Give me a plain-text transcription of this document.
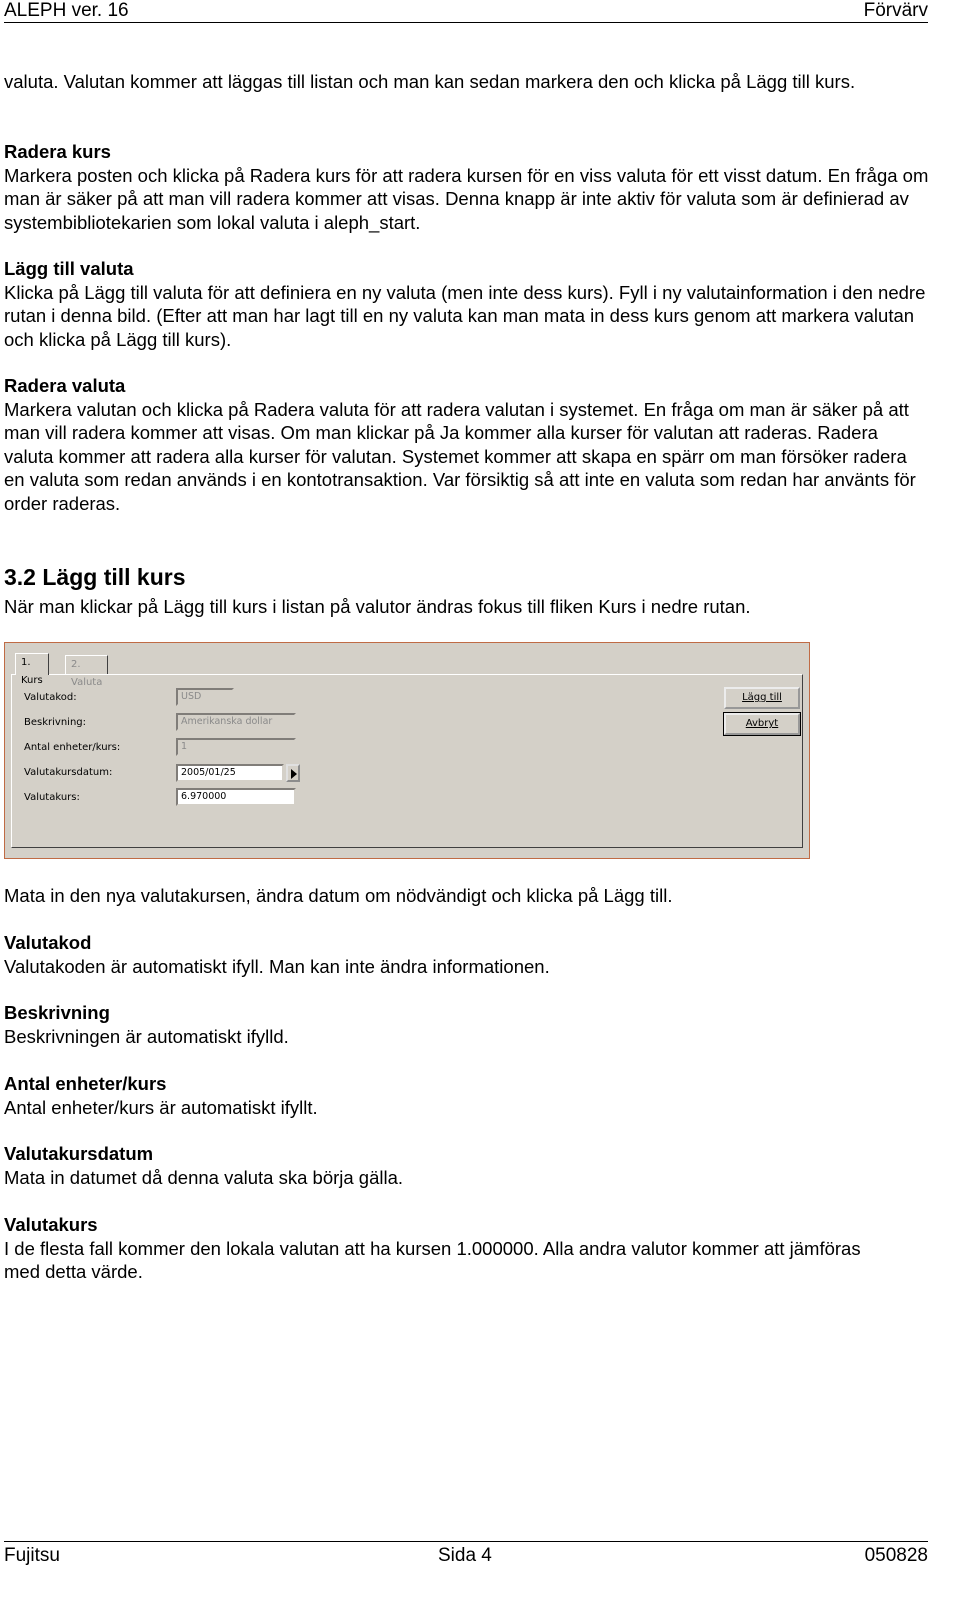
ALEPH ver. 16	Förvärv

valuta. Valutan kommer att läggas till listan och man kan sedan markera den och klicka på Lägg till kurs.

Radera kurs

Markera posten och klicka på Radera kurs för att radera kursen för en viss valuta för ett visst datum. En fråga om man är säker på att man vill radera kommer att visas. Denna knapp är inte aktiv för valuta som är definierad av systembibliotekarien som lokal valuta i aleph_start.

Lägg till valuta

Klicka på Lägg till valuta för att definiera en ny valuta (men inte dess kurs). Fyll i ny valutainformation i den nedre rutan i denna bild. (Efter att man har lagt till en ny valuta kan man mata in dess kurs genom att markera valutan och klicka på Lägg till kurs).

Radera valuta

Markera valutan och klicka på Radera valuta för att radera valutan i systemet. En fråga om man är säker på att man vill radera kommer att visas. Om man klickar på Ja kommer alla kurser för valutan att raderas. Radera valuta kommer att radera alla kurser för valutan. Systemet kommer att skapa en spärr om man försöker radera en valuta som redan används i en kontotransaktion. Var försiktig så att inte en valuta som redan har använts för order raderas.

3.2 Lägg till kurs

När man klickar på Lägg till kurs i listan på valutor ändras fokus till fliken Kurs i nedre rutan.

1. Kurs
2. Valuta
Valutakod:	USD
Beskrivning:	Amerikanska dollar
Antal enheter/kurs:	1
Valutakursdatum:	2005/01/25
Valutakurs:	6.970000
Lägg till
Avbryt

Mata in den nya valutakursen, ändra datum om nödvändigt och klicka på Lägg till.

Valutakod

Valutakoden är automatiskt ifyll. Man kan inte ändra informationen.

Beskrivning

Beskrivningen är automatiskt ifylld.

Antal enheter/kurs

Antal enheter/kurs är automatiskt ifyllt.

Valutakursdatum

Mata in datumet då denna valuta ska börja gälla.

Valutakurs

I de flesta fall kommer den lokala valutan att ha kursen 1.000000. Alla andra valutor kommer att jämföras med detta värde.

Fujitsu	Sida 4	050828
